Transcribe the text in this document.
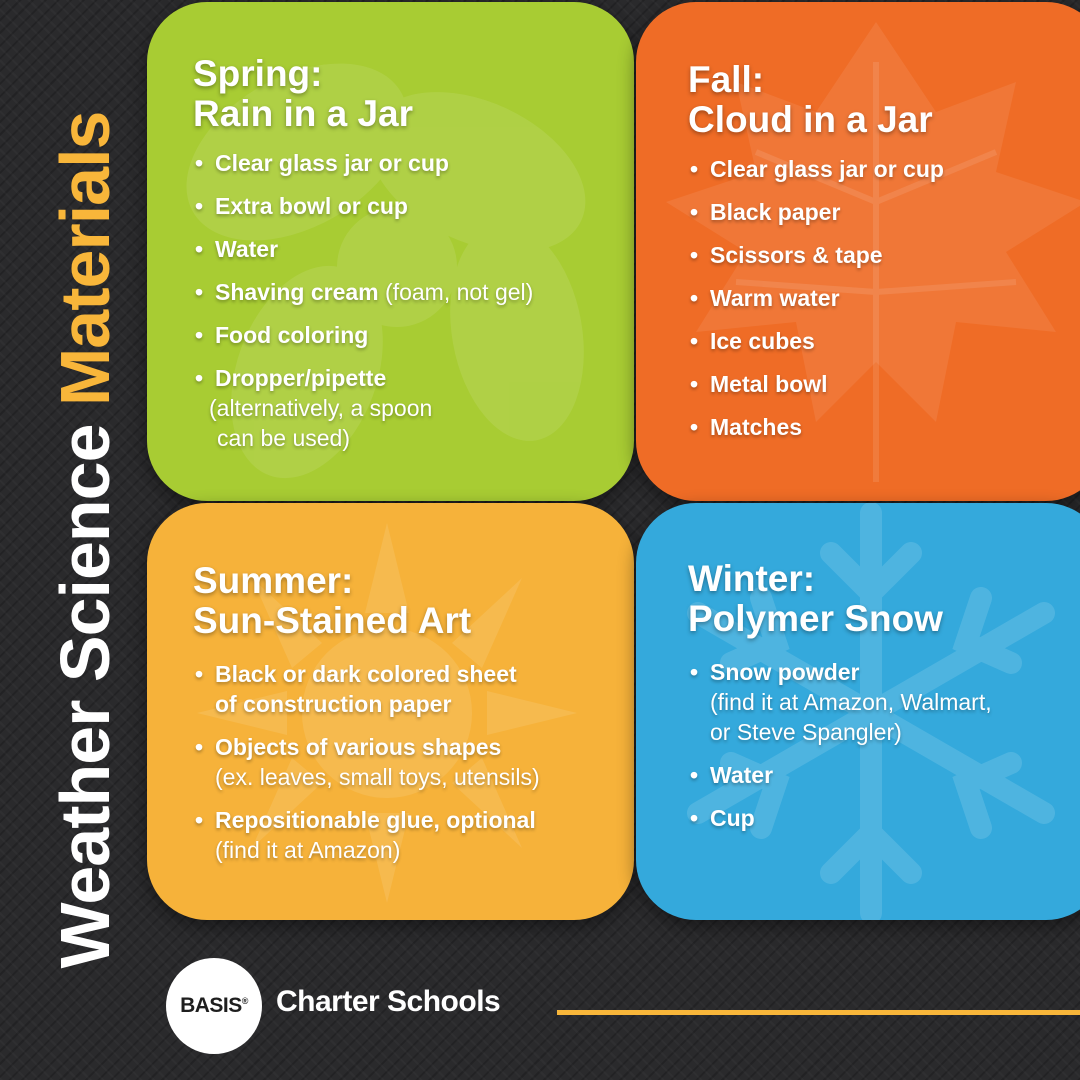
Weather Science Materials
Spring:
Rain in a Jar
• Clear glass jar or cup
• Extra bowl or cup
• Water
• Shaving cream (foam, not gel)
• Food coloring
• Dropper/pipette
(alternatively, a spoon
can be used)
Fall:
Cloud in a Jar
• Clear glass jar or cup
• Black paper
• Scissors & tape
• Warm water
• Ice cubes
• Metal bowl
• Matches
Summer:
Sun-Stained Art
• Black or dark colored sheet
of construction paper
• Objects of various shapes
(ex. leaves, small toys, utensils)
• Repositionable glue, optional
(find it at Amazon)
Winter:
Polymer Snow
• Snow powder
(find it at Amazon, Walmart,
or Steve Spangler)
• Water
• Cup
BASIS® Charter Schools
